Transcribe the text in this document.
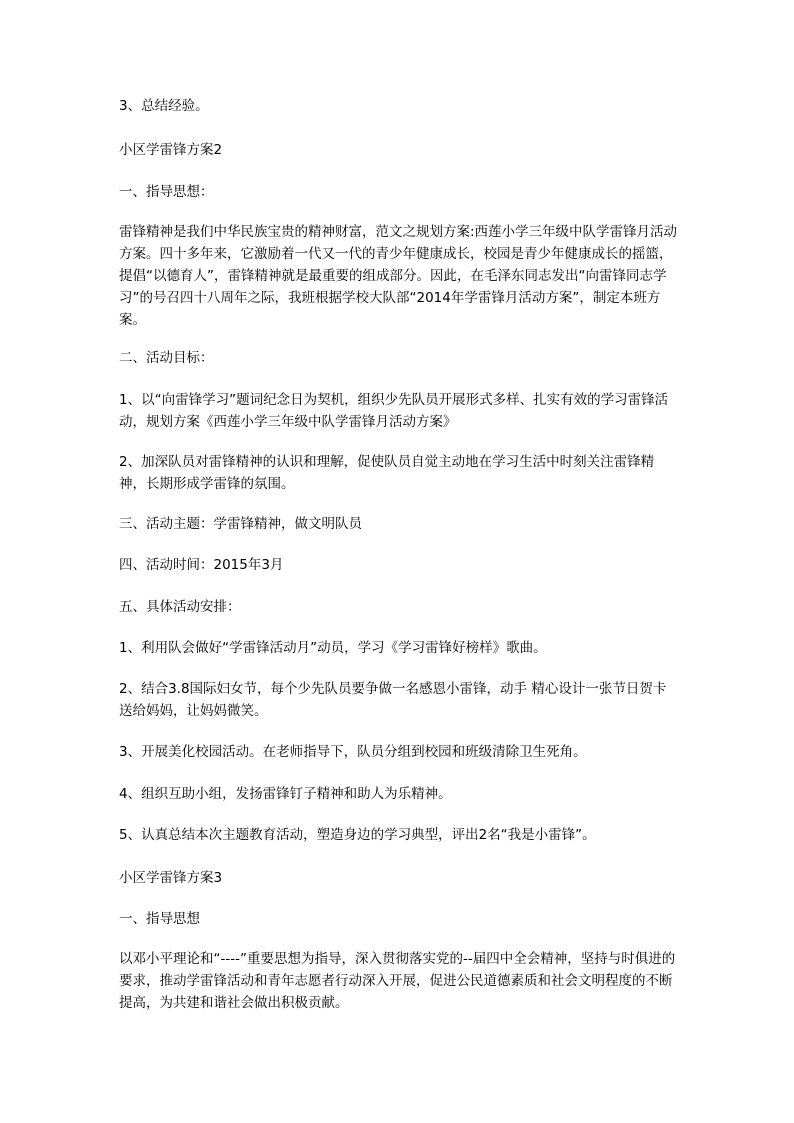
3、总结经验。

小区学雷锋方案2

一、指导思想：

雷锋精神是我们中华民族宝贵的精神财富，范文之规划方案:西莲小学三年级中队学雷锋月活动方案。四十多年来，它激励着一代又一代的青少年健康成长，校园是青少年健康成长的摇篮，提倡“以德育人”，雷锋精神就是最重要的组成部分。因此，在毛泽东同志发出“向雷锋同志学习”的号召四十八周年之际，我班根据学校大队部“2014年学雷锋月活动方案”，制定本班方案。

二、活动目标：

1、以“向雷锋学习”题词纪念日为契机，组织少先队员开展形式多样、扎实有效的学习雷锋活动，规划方案《西莲小学三年级中队学雷锋月活动方案》

2、加深队员对雷锋精神的认识和理解，促使队员自觉主动地在学习生活中时刻关注雷锋精神，长期形成学雷锋的氛围。

三、活动主题：学雷锋精神，做文明队员

四、活动时间：2015年3月

五、具体活动安排：

1、利用队会做好“学雷锋活动月”动员，学习《学习雷锋好榜样》歌曲。

2、结合3.8国际妇女节，每个少先队员要争做一名感恩小雷锋，动手 精心设计一张节日贺卡送给妈妈，让妈妈微笑。

3、开展美化校园活动。在老师指导下，队员分组到校园和班级清除卫生死角。

4、组织互助小组，发扬雷锋钉子精神和助人为乐精神。

5、认真总结本次主题教育活动，塑造身边的学习典型，评出2名“我是小雷锋”。

小区学雷锋方案3

一、指导思想

以邓小平理论和“----”重要思想为指导，深入贯彻落实党的--届四中全会精神，坚持与时俱进的要求，推动学雷锋活动和青年志愿者行动深入开展，促进公民道德素质和社会文明程度的不断提高，为共建和谐社会做出积极贡献。
